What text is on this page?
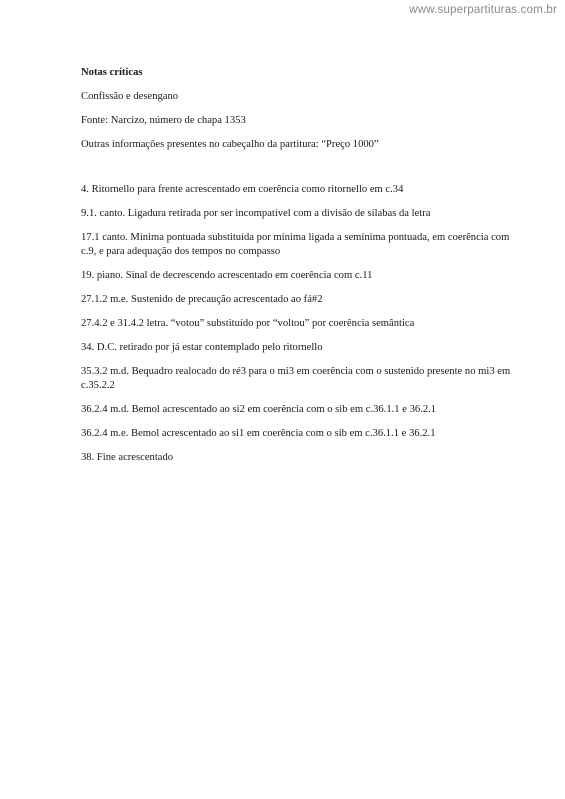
www.superpartituras.com.br
Notas críticas
Confissão e desengano
Fonte: Narcizo, número de chapa 1353
Outras informações presentes no cabeçalho da partitura: “Preço 1000”
4. Ritornello para frente acrescentado em coerência como ritornello em c.34
9.1. canto. Ligadura retirada por ser incompatível com a divisão de sílabas da letra
17.1 canto. Mínima pontuada substituída por mínima ligada a semínima pontuada, em coerência com c.9, e para adequação dos tempos no compasso
19. piano. Sinal de decrescendo acrescentado em coerência com c.11
27.1.2 m.e. Sustenido de precaução acrescentado ao fá#2
27.4.2 e 31.4.2 letra. “votou” substituído por “voltou” por coerência semântica
34. D.C. retirado por já estar contemplado pelo ritornello
35.3.2 m.d. Bequadro realocado do ré3 para o mi3 em coerência com o sustenido presente no mi3 em c.35.2.2
36.2.4 m.d. Bemol acrescentado ao si2 em coerência com o sib em c.36.1.1 e 36.2.1
36.2.4 m.e. Bemol acrescentado ao si1 em coerência com o sib em c.36.1.1 e 36.2.1
38. Fine acrescentado
